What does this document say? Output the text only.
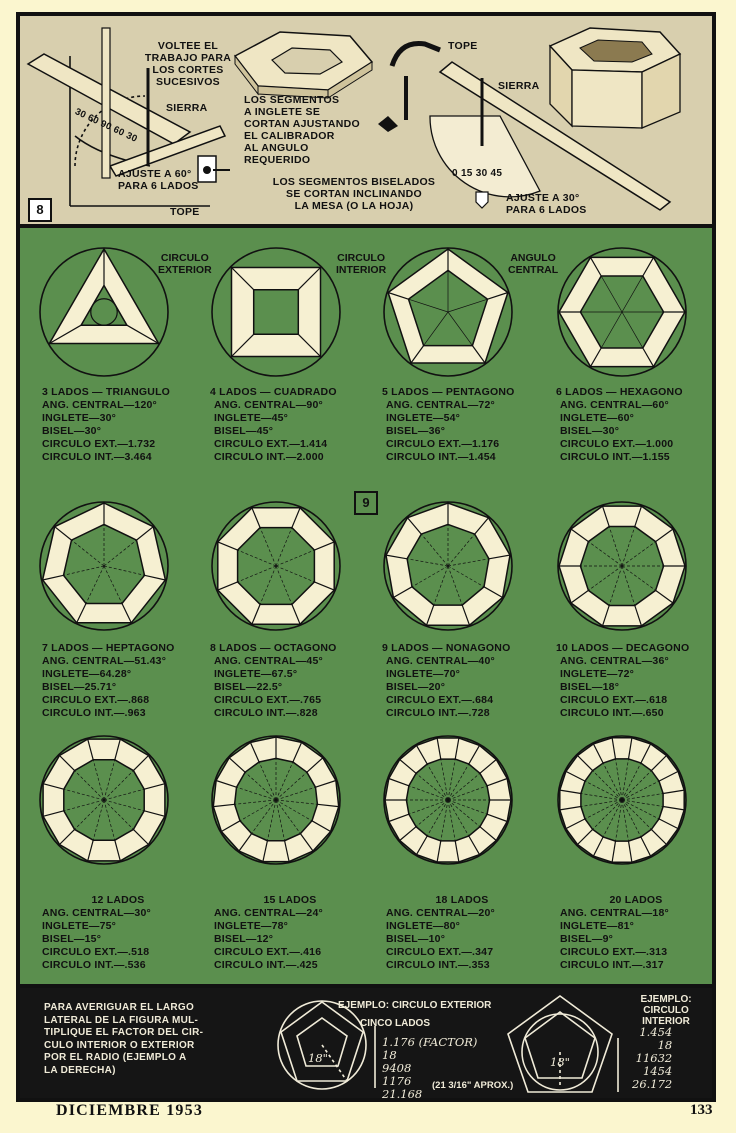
VOLTEE EL
TRABAJO PARA
LOS CORTES
SUCESIVOS
SIERRA
30 60 90 60 30
AJUSTE A 60°
PARA 6 LADOS
TOPE
LOS SEGMENTOS
A INGLETE SE
CORTAN AJUSTANDO
EL CALIBRADOR
AL ANGULO
REQUERIDO
LOS SEGMENTOS BISELADOS
SE CORTAN INCLINANDO
LA MESA (O LA HOJA)
TOPE
SIERRA
0 15 30 45
AJUSTE A 30°
PARA 6 LADOS
8
CIRCULO
EXTERIOR
CIRCULO
INTERIOR
ANGULO
CENTRAL
3 LADOS — TRIANGULO
ANG. CENTRAL—120°
INGLETE—30°
BISEL—30°
CIRCULO EXT.—1.732
CIRCULO INT.—3.464
4 LADOS — CUADRADO
ANG. CENTRAL—90°
INGLETE—45°
BISEL—45°
CIRCULO EXT.—1.414
CIRCULO INT.—2.000
5 LADOS — PENTAGONO
ANG. CENTRAL—72°
INGLETE—54°
BISEL—36°
CIRCULO EXT.—1.176
CIRCULO INT.—1.454
6 LADOS — HEXAGONO
ANG. CENTRAL—60°
INGLETE—60°
BISEL—30°
CIRCULO EXT.—1.000
CIRCULO INT.—1.155
7 LADOS — HEPTAGONO
ANG. CENTRAL—51.43°
INGLETE—64.28°
BISEL—25.71°
CIRCULO EXT.—.868
CIRCULO INT.—.963
8 LADOS — OCTAGONO
ANG. CENTRAL—45°
INGLETE—67.5°
BISEL—22.5°
CIRCULO EXT.—.765
CIRCULO INT.—.828
9 LADOS — NONAGONO
ANG. CENTRAL—40°
INGLETE—70°
BISEL—20°
CIRCULO EXT.—.684
CIRCULO INT.—.728
10 LADOS — DECAGONO
ANG. CENTRAL—36°
INGLETE—72°
BISEL—18°
CIRCULO EXT.—.618
CIRCULO INT.—.650
12 LADOS
ANG. CENTRAL—30°
INGLETE—75°
BISEL—15°
CIRCULO EXT.—.518
CIRCULO INT.—.536
15 LADOS
ANG. CENTRAL—24°
INGLETE—78°
BISEL—12°
CIRCULO EXT.—.416
CIRCULO INT.—.425
18 LADOS
ANG. CENTRAL—20°
INGLETE—80°
BISEL—10°
CIRCULO EXT.—.347
CIRCULO INT.—.353
20 LADOS
ANG. CENTRAL—18°
INGLETE—81°
BISEL—9°
CIRCULO EXT.—.313
CIRCULO INT.—.317
9
PARA AVERIGUAR EL LARGO
LATERAL DE LA FIGURA MUL-
TIPLIQUE EL FACTOR DEL CIR-
CULO INTERIOR O EXTERIOR
POR EL RADIO (EJEMPLO A
LA DERECHA)
EJEMPLO: CIRCULO EXTERIOR
CINCO LADOS
18"
1.176 (FACTOR)
18
9408
1176
21.168
(21 3/16" APROX.)
EJEMPLO:
CIRCULO INTERIOR
18"
1.454
18
11632
1454
26.172
DICIEMBRE 1953	133
